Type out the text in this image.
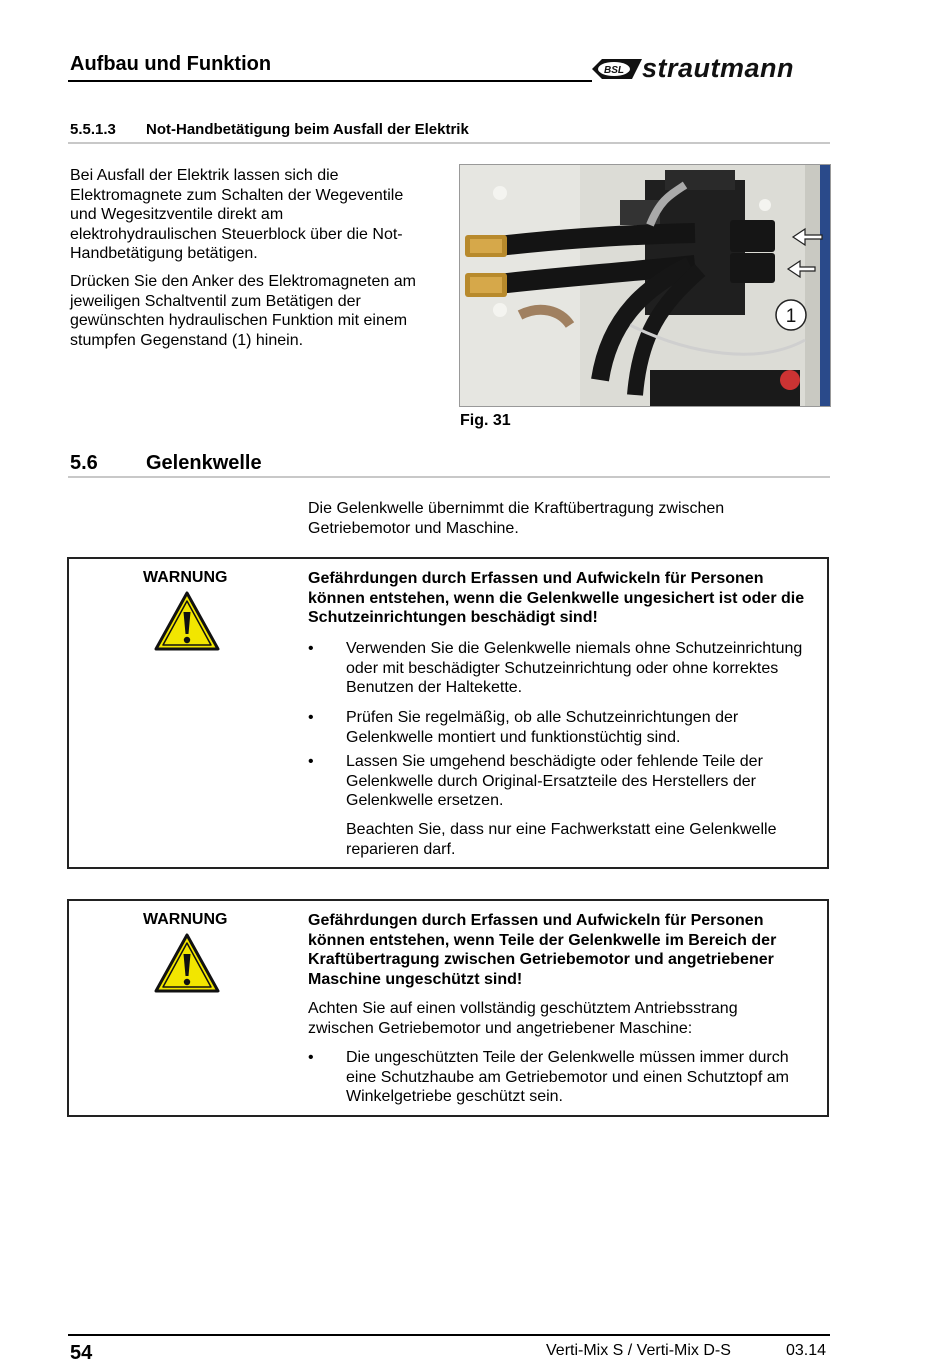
Aufbau und Funktion	BSL strautmann
5.5.1.3 Not-Handbetätigung beim Ausfall der Elektrik
Bei Ausfall der Elektrik lassen sich die
Elektromagnete zum Schalten der Wegeventile
und Wegesitzventile direkt am
elektrohydraulischen Steuerblock über die Not-
Handbetätigung betätigen.
Drücken Sie den Anker des Elektromagneten am
jeweiligen Schaltventil zum Betätigen der
gewünschten hydraulischen Funktion mit einem
stumpfen Gegenstand (1) hinein.
1
Fig. 31
5.6 Gelenkwelle
Die Gelenkwelle übernimmt die Kraftübertragung zwischen
Getriebemotor und Maschine.
WARNUNG	Gefährdungen durch Erfassen und Aufwickeln für Personen
können entstehen, wenn die Gelenkwelle ungesichert ist oder die
Schutzeinrichtungen beschädigt sind!
• Verwenden Sie die Gelenkwelle niemals ohne Schutzeinrichtung
oder mit beschädigter Schutzeinrichtung oder ohne korrektes
Benutzen der Haltekette.
• Prüfen Sie regelmäßig, ob alle Schutzeinrichtungen der
Gelenkwelle montiert und funktionstüchtig sind.
• Lassen Sie umgehend beschädigte oder fehlende Teile der
Gelenkwelle durch Original-Ersatzteile des Herstellers der
Gelenkwelle ersetzen.
Beachten Sie, dass nur eine Fachwerkstatt eine Gelenkwelle
reparieren darf.
WARNUNG	Gefährdungen durch Erfassen und Aufwickeln für Personen
können entstehen, wenn Teile der Gelenkwelle im Bereich der
Kraftübertragung zwischen Getriebemotor und angetriebener
Maschine ungeschützt sind!
Achten Sie auf einen vollständig geschütztem Antriebsstrang
zwischen Getriebemotor und angetriebener Maschine:
• Die ungeschützten Teile der Gelenkwelle müssen immer durch
eine Schutzhaube am Getriebemotor und einen Schutztopf am
Winkelgetriebe geschützt sein.
54	Verti-Mix S / Verti-Mix D-S	03.14
